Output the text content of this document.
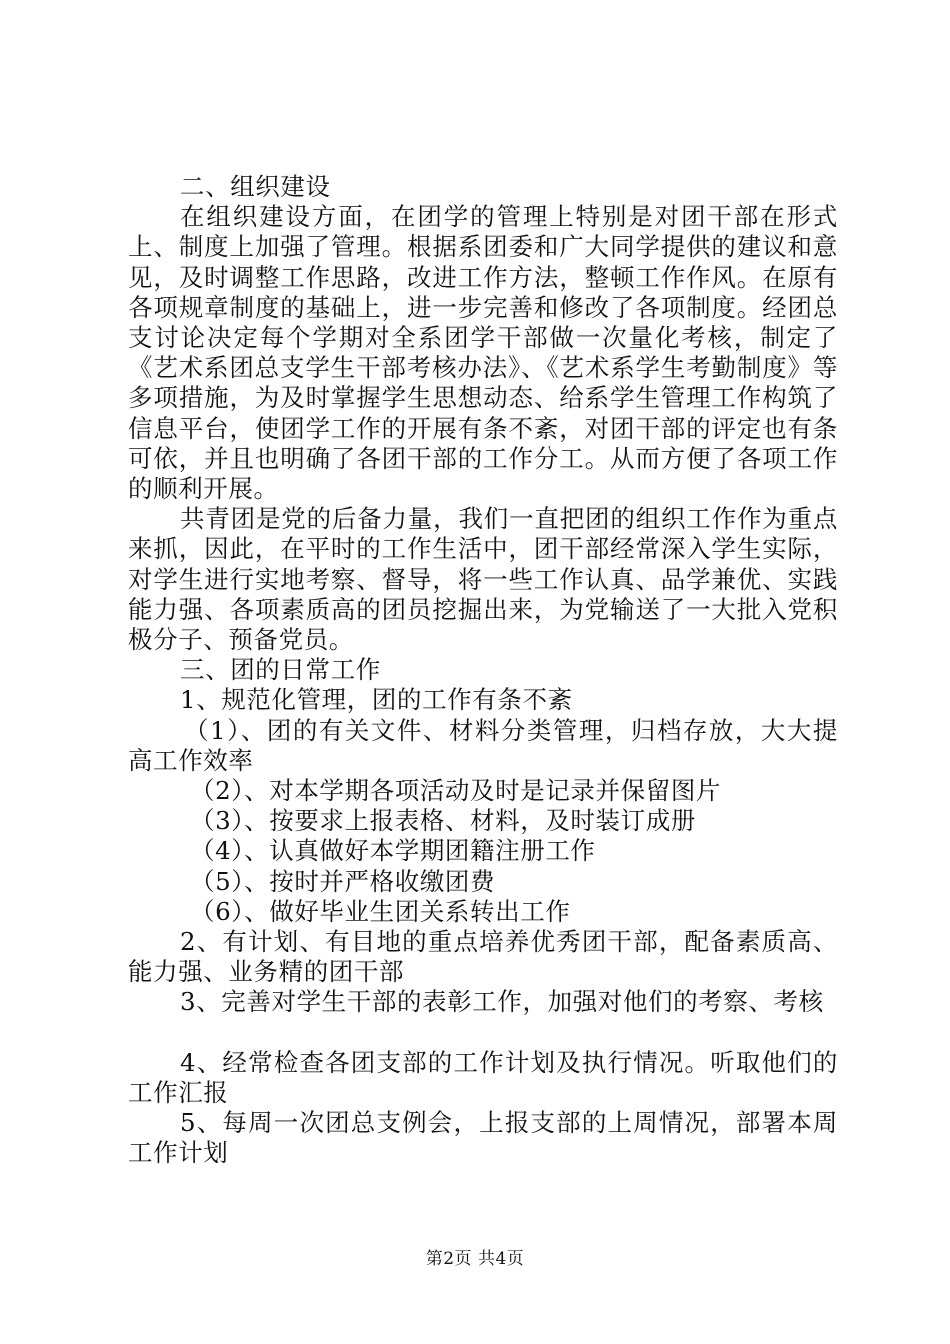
二、组织建设

在组织建设方面，在团学的管理上特别是对团干部在形式上、制度上加强了管理。根据系团委和广大同学提供的建议和意见，及时调整工作思路，改进工作方法，整顿工作作风。在原有各项规章制度的基础上，进一步完善和修改了各项制度。经团总支讨论决定每个学期对全系团学干部做一次量化考核，制定了《艺术系团总支学生干部考核办法》、《艺术系学生考勤制度》等多项措施，为及时掌握学生思想动态、给系学生管理工作构筑了信息平台，使团学工作的开展有条不紊，对团干部的评定也有条可依，并且也明确了各团干部的工作分工。从而方便了各项工作的顺利开展。

共青团是党的后备力量，我们一直把团的组织工作作为重点来抓，因此，在平时的工作生活中，团干部经常深入学生实际，对学生进行实地考察、督导，将一些工作认真、品学兼优、实践能力强、各项素质高的团员挖掘出来，为党输送了一大批入党积极分子、预备党员。

三、团的日常工作

1、规范化管理，团的工作有条不紊

（1）、团的有关文件、材料分类管理，归档存放，大大提高工作效率

（2）、对本学期各项活动及时是记录并保留图片

（3）、按要求上报表格、材料，及时装订成册

（4）、认真做好本学期团籍注册工作

（5）、按时并严格收缴团费

（6）、做好毕业生团关系转出工作

2、有计划、有目地的重点培养优秀团干部，配备素质高、能力强、业务精的团干部

3、完善对学生干部的表彰工作，加强对他们的考察、考核

4、经常检查各团支部的工作计划及执行情况。听取他们的工作汇报

5、每周一次团总支例会，上报支部的上周情况，部署本周工作计划

第2页 共4页
